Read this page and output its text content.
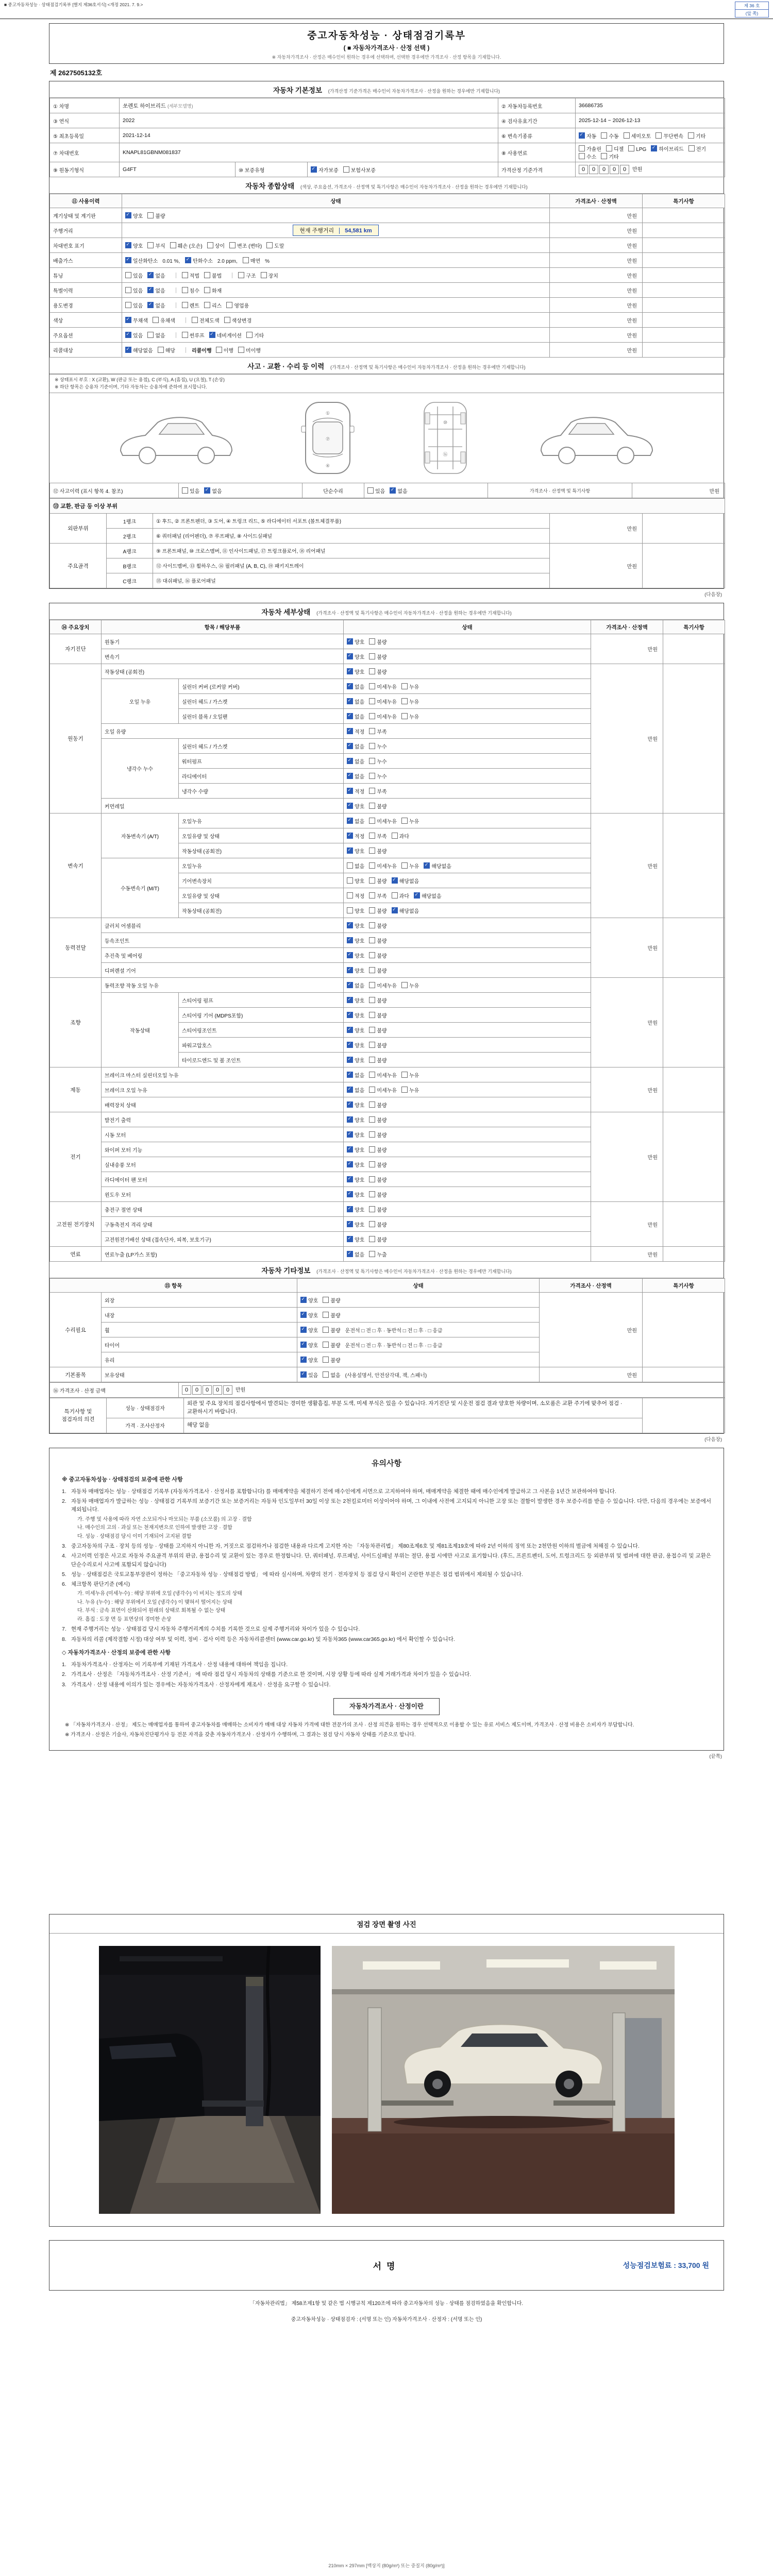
■ 중고자동차성능 · 상태점검기록부 [별지 제36호서식] <개정 2021. 7. 9.>	제 36 호
(앞 쪽)
중고자동차성능 · 상태점검기록부
( ■ 자동차가격조사 · 산정 선택 )
※ 자동차가격조사 · 산정은 매수인이 원하는 경우에 선택하며, 선택한 경우에만 가격조사 · 산정 항목을 기재합니다.
제 2627505132호
자동차 기본정보 (가격산정 기준가격은 매수인이 자동차가격조사 · 산정을 원하는 경우에만 기재합니다)
① 차명	쏘렌토 하이브리드 (세부모델명)			② 자동차등록번호	36686735
③ 연식	2022			④ 검사유효기간	2025-12-14 ~ 2026-12-13
⑤ 최초등록일	2021-12-14			⑥ 변속기종류	✓자동 수동 세미오토 무단변속 기타
⑦ 차대번호	KNAPL81GBNM081837			⑧ 사용연료	가솔린 디젤 LPG ✓ 하이브리드 전기수소 기타
⑨ 원동기형식	G4FT	⑩ 보증유형	✓자가보증 보험사보증	가격산정 기준가격	0 0 0 0 0 만원
자동차 종합상태 (색상, 주요옵션, 가격조사 · 산정액 및 특기사항은 매수인이 자동차가격조사 · 산정을 원하는 경우에만 기재합니다)
⑪ 사용이력	상태	가격조사 · 산정액	특기사항
계기상태 및 계기판	✓양호 불량	만원	
주행거리	현재 주행거리 54,581 km	만원	
차대번호 표기	✓양호 부식 훼손 (오손) 상이 변조 (변타) 도말	만원	
배출가스	✓일산화탄소 0.01 %, ✓ 탄화수소 2.0 ppm, 매연 %	만원	
튜닝	있음 ✓ 없음 적법 불법 구조 장치	만원	
특별이력	있음 ✓ 없음 침수 화재	만원	
용도변경	있음 ✓ 없음 렌트 리스 영업용	만원	
색상	✓무채색 유채색 전체도색 색상변경	만원	
주요옵션	✓있음 없음 썬루프 ✓ 네비게이션 기타	만원	
리콜대상	✓해당없음 해당 리콜이행 이행 미이행	만원	
사고 · 교환 · 수리 등 이력 (가격조사 · 산정액 및 특기사항은 매수인이 자동차가격조사 · 산정을 원하는 경우에만 기재합니다)
※ 상태표시 부호 : X (교환), W (판금 또는 용접), C (부식), A (흠집), U (요철), T (손상)
※ 하단 항목은 승용차 기준이며, 기타 자동차는 승용차에 준하여 표시합니다.
①
⑦
④
⑩
⑯
⑫ 사고이력 (표시 항목 4. 참조)	있음 ✓ 없음	단순수리	있음 ✓ 없음	가격조사 · 산정액 및 특기사항	만원
⑬ 교환, 판금 등 이상 부위				
외판부위	1랭크	① 후드, ② 프론트펜더, ③ 도어, ④ 트렁크 리드, ⑤ 라디에이터 서포트 (볼트체결부품)	만원	
	2랭크	⑥ 쿼터패널 (리어펜더), ⑦ 루프패널, ⑧ 사이드실패널		
주요골격	A랭크	⑨ 프론트패널, ⑩ 크로스멤버, ⑪ 인사이드패널, ⑰ 트렁크플로어, ⑱ 리어패널	만원	
	B랭크	⑫ 사이드멤버, ⑬ 휠하우스, ⑭ 필러패널 (A, B, C), ⑲ 패키지트레이		
	C랭크	⑮ 대쉬패널, ⑯ 플로어패널		
(다음장)
자동차 세부상태 (가격조사 · 산정액 및 특기사항은 매수인이 자동차가격조사 · 산정을 원하는 경우에만 기재합니다)
⑭ 주요장치	항목 / 해당부품		상태	가격조사 · 산정액	특기사항
자기진단	원동기	✓양호 불량	만원	
	변속기	✓양호 불량
원동기	작동상태 (공회전)	✓양호 불량	만원	
	오일 누유	실린더 커버 (로커암 커버)	✓없음 미세누유 누유
		실린더 헤드 / 가스켓	✓없음 미세누유 누유
		실린더 블록 / 오일팬	✓없음 미세누유 누유
	오일 유량	✓적정 부족
	냉각수 누수	실린더 헤드 / 가스켓	✓없음 누수
		워터펌프	✓없음 누수
		라디에이터	✓없음 누수
		냉각수 수량	✓적정 부족
	커먼레일	✓양호 불량
변속기	자동변속기 (A/T)	오일누유	✓없음 미세누유 누유	만원	
		오일유량 및 상태	✓적정 부족 과다
		작동상태 (공회전)	✓양호 불량
	수동변속기 (M/T)	오일누유	없음 미세누유 누유 ✓ 해당없음
		기어변속장치	양호 불량 ✓ 해당없음
		오일유량 및 상태	적정 부족 과다 ✓ 해당없음
		작동상태 (공회전)	양호 불량 ✓ 해당없음
동력전달	클러치 어셈블리	✓양호 불량	만원	
	등속조인트	✓양호 불량
	추진축 및 베어링	✓양호 불량
	디퍼렌셜 기어	✓양호 불량
조향	동력조향 작동 오일 누유	✓없음 미세누유 누유	만원	
	작동상태	스티어링 펌프	✓양호 불량
		스티어링 기어 (MDPS포함)	✓양호 불량
		스티어링조인트	✓양호 불량
		파워고압호스	✓양호 불량
		타이로드엔드 및 볼 조인트	✓양호 불량
제동	브레이크 마스터 실린더오일 누유	✓없음 미세누유 누유	만원	
	브레이크 오일 누유	✓없음 미세누유 누유
	배력장치 상태	✓양호 불량
전기	발전기 출력	✓양호 불량	만원	
	시동 모터	✓양호 불량
	와이퍼 모터 기능	✓양호 불량
	실내송풍 모터	✓양호 불량
	라디에이터 팬 모터	✓양호 불량
	윈도우 모터	✓양호 불량
고전원 전기장치	충전구 절연 상태	✓양호 불량	만원	
	구동축전지 격리 상태	✓양호 불량
	고전원전기배선 상태 (접속단자, 피복, 보호기구)	✓양호 불량
연료	연료누출 (LP가스 포함)	✓없음 누출	만원	
자동차 기타정보 (가격조사 · 산정액 및 특기사항은 매수인이 자동차가격조사 · 산정을 원하는 경우에만 기재합니다)
⑮ 항목		상태	가격조사 · 산정액	특기사항
수리필요	외장	✓양호 불량	만원	
	내장	✓양호 불량
	휠	✓양호 불량 운전석 □ 전 □ 후 · 동반석 □ 전 □ 후 · □ 응급
	타이어	✓양호 불량 운전석 □ 전 □ 후 · 동반석 □ 전 □ 후 · □ 응급
	유리	✓양호 불량
기본품목	보유상태	✓있음 없음 (사용설명서, 안전삼각대, 잭, 스패너)	만원	
⑯ 가격조사 · 산정 금액	0 0 0 0 0 만원
특기사항 및 점검자의 의견	성능 · 상태점검자	외관 및 주요 장치의 점검사항에서 발견되는 경미한 생활흠집, 부분 도색, 미세 부식은 있을 수 있습니다. 자기진단 및 시운전 점검 결과 양호한 차량이며, 소모품은 교환 주기에 맞추어 점검 · 교환하시기 바랍니다.	
	가격 · 조사산정자	해당 없음	
(다음장)
유의사항
※ 중고자동차성능 · 상태점검의 보증에 관한 사항
1. 자동차 매매업자는 성능 · 상태점검 기록부 (자동차가격조사 · 산정서를 포함합니다) 를 매매계약을 체결하기 전에 매수인에게 서면으로 고지하여야 하며, 매매계약을 체결한 때에 매수인에게 발급하고 그 사본을 1년간 보관하여야 합니다.
2. 자동차 매매업자가 발급하는 성능 · 상태점검 기록부의 보증기간 또는 보증거리는 자동차 인도일부터 30일 이상 또는 2천킬로미터 이상이어야 하며, 그 이내에 사전에 고지되지 아니한 고장 또는 결함이 발생한 경우 보증수리를 받을 수 있습니다. 다만, 다음의 경우에는 보증에서 제외됩니다.
가. 주행 및 사용에 따라 자연 소모되거나 마모되는 부품 (소모품) 의 고장 · 결함
나. 매수인의 고의 · 과실 또는 천재지변으로 인하여 발생한 고장 · 결함
다. 성능 · 상태점검 당시 이미 기재되어 고지된 결함
3. 중고자동차의 구조 · 장치 등의 성능 · 상태를 고지하지 아니한 자, 거짓으로 점검하거나 점검한 내용과 다르게 고지한 자는 「자동차관리법」 제80조제6호 및 제81조제19호에 따라 2년 이하의 징역 또는 2천만원 이하의 벌금에 처해질 수 있습니다.
4. 사고이력 인정은 사고로 자동차 주요골격 부위의 판금, 용접수리 및 교환이 있는 경우로 한정합니다. 단, 쿼터패널, 루프패널, 사이드실패널 부위는 절단, 용접 시에만 사고로 표기합니다. (후드, 프론트펜더, 도어, 트렁크리드 등 외판부위 및 범퍼에 대한 판금, 용접수리 및 교환은 단순수리로서 사고에 포함되지 않습니다)
5. 성능 · 상태점검은 국토교통부장관이 정하는 「중고자동차 성능 · 상태점검 방법」 에 따라 실시하며, 차량의 전기 · 전자장치 등 점검 당시 확인이 곤란한 부분은 점검 범위에서 제외될 수 있습니다.
6. 체크항목 판단기준 (예시)
가. 미세누유 (미세누수) : 해당 부위에 오일 (냉각수) 이 비치는 정도의 상태
나. 누유 (누수) : 해당 부위에서 오일 (냉각수) 이 맺혀서 떨어지는 상태
다. 부식 : 금속 표면이 산화되어 원래의 상태로 회복될 수 없는 상태
라. 흠집 : 도장 면 등 표면상의 경미한 손상
7. 현재 주행거리는 성능 · 상태점검 당시 자동차 주행거리계의 수치를 기록한 것으로 실제 주행거리와 차이가 있을 수 있습니다.
8. 자동차의 리콜 (제작결함 시정) 대상 여부 및 이력, 정비 · 검사 이력 등은 자동차리콜센터 (www.car.go.kr) 및 자동차365 (www.car365.go.kr) 에서 확인할 수 있습니다.
◇ 자동차가격조사 · 산정의 보증에 관한 사항
1. 자동차가격조사 · 산정자는 이 기록부에 기재된 가격조사 · 산정 내용에 대하여 책임을 집니다.
2. 가격조사 · 산정은 「자동차가격조사 · 산정 기준서」 에 따라 점검 당시 자동차의 상태를 기준으로 한 것이며, 시장 상황 등에 따라 실제 거래가격과 차이가 있을 수 있습니다.
3. 가격조사 · 산정 내용에 이의가 있는 경우에는 자동차가격조사 · 산정자에게 재조사 · 산정을 요구할 수 있습니다.
자동차가격조사 · 산정이란
※ 「자동차가격조사 · 산정」 제도는 매매업자를 통하여 중고자동차를 매매하는 소비자가 매매 대상 자동차 가격에 대한 전문가의 조사 · 산정 의견을 원하는 경우 선택적으로 이용할 수 있는 유료 서비스 제도이며, 가격조사 · 산정 비용은 소비자가 부담합니다.
※ 가격조사 · 산정은 기술사, 자동차진단평가사 등 전문 자격을 갖춘 자동차가격조사 · 산정자가 수행하며, 그 결과는 점검 당시 자동차 상태를 기준으로 합니다.
(끝쪽)
점검 장면 촬영 사진
서명	성능점검보험료 : 33,700 원
「자동차관리법」 제58조제1항 및 같은 법 시행규칙 제120조에 따라 중고자동차의 성능 · 상태를 점검하였음을 확인합니다.
중고자동차성능 · 상태점검자 : (서명 또는 인) 자동차가격조사 · 산정자 : (서명 또는 인)
210mm × 297mm [백상지 (80g/m²) 또는 중질지 (80g/m²)]
